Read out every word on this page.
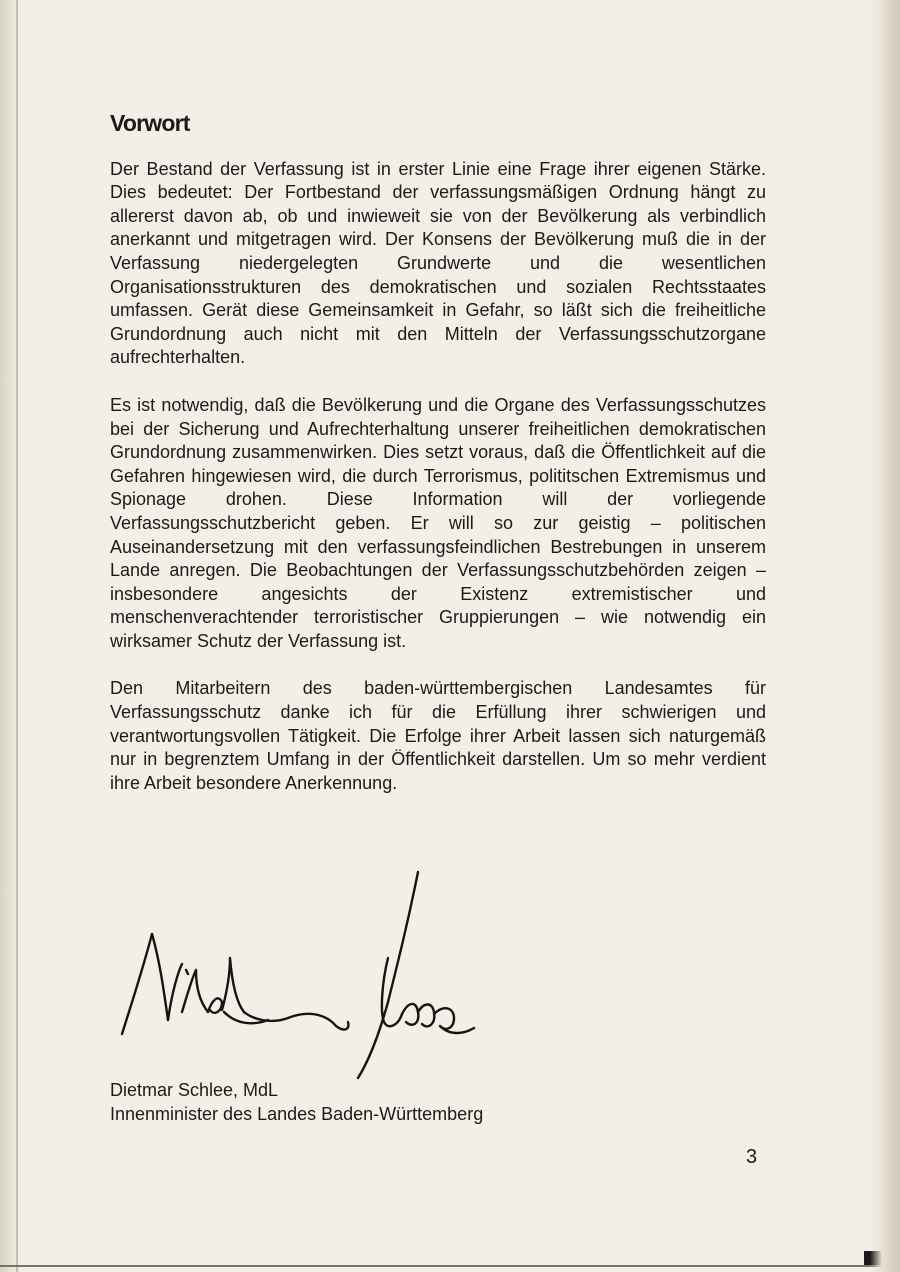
Vorwort

Der Bestand der Verfassung ist in erster Linie eine Frage ihrer eigenen Stärke. Dies bedeutet: Der Fortbestand der verfassungsmäßigen Ordnung hängt zu allererst davon ab, ob und inwieweit sie von der Bevölkerung als verbindlich anerkannt und mitgetragen wird. Der Konsens der Bevölkerung muß die in der Verfassung niedergelegten Grundwerte und die wesentlichen Organisationsstrukturen des demokratischen und sozialen Rechtsstaates umfassen. Gerät diese Gemeinsamkeit in Gefahr, so läßt sich die freiheitliche Grundordnung auch nicht mit den Mitteln der Verfassungsschutzorgane aufrechterhalten.

Es ist notwendig, daß die Bevölkerung und die Organe des Verfassungsschutzes bei der Sicherung und Aufrechterhaltung unserer freiheitlichen demokratischen Grundordnung zusammenwirken. Dies setzt voraus, daß die Öffentlichkeit auf die Gefahren hingewiesen wird, die durch Terrorismus, polititschen Extremismus und Spionage drohen. Diese Information will der vorliegende Verfassungsschutzbericht geben. Er will so zur geistig – politischen Auseinandersetzung mit den verfassungsfeindlichen Bestrebungen in unserem Lande anregen. Die Beobachtungen der Verfassungsschutzbehörden zeigen – insbesondere angesichts der Existenz extremistischer und menschenverachtender terroristischer Gruppierungen – wie notwendig ein wirksamer Schutz der Verfassung ist.

Den Mitarbeitern des baden-württembergischen Landesamtes für Verfassungsschutz danke ich für die Erfüllung ihrer schwierigen und verantwortungsvollen Tätigkeit. Die Erfolge ihrer Arbeit lassen sich naturgemäß nur in begrenztem Umfang in der Öffentlichkeit darstellen. Um so mehr verdient ihre Arbeit besondere Anerkennung.

Dietmar Schlee, MdL
Innenminister des Landes Baden-Württemberg
3
